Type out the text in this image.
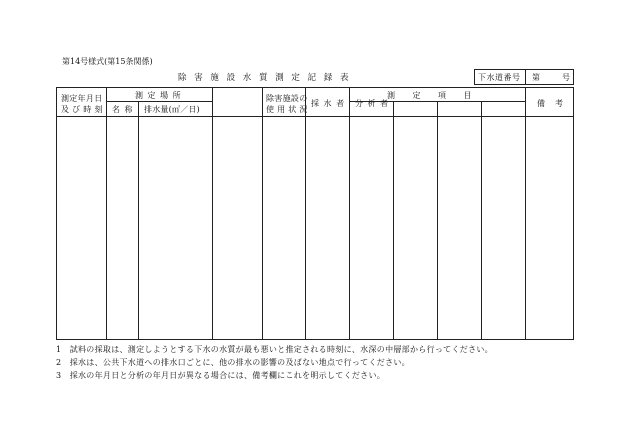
第14号様式(第15条関係)
除 害 施 設 水 質 測 定 記 録 表	下水道番号 第	号
測定年月日
及 び 時 刻
測 定 場 所
名 称 排水量(㎥／日)
除害施設の
使 用 状 況
採 水 者 分 析 者
測　　定　　項　　目
備　考
1　試料の採取は、測定しようとする下水の水質が最も悪いと推定される時刻に、水深の中層部から行ってください。
2　採水は、公共下水道への排水口ごとに、他の排水の影響の及ばない地点で行ってください。
3　採水の年月日と分析の年月日が異なる場合には、備考欄にこれを明示してください。
